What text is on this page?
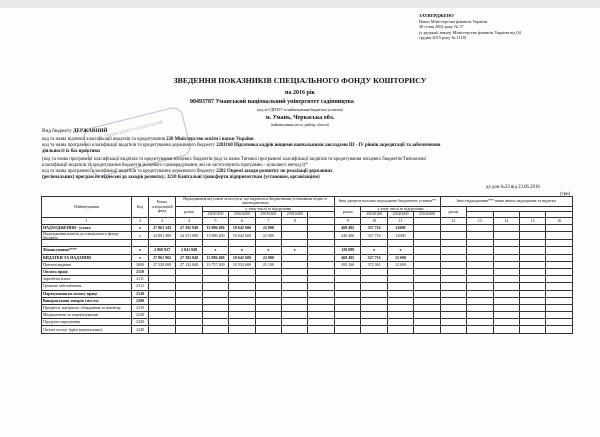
ЗАТВЕРДЖЕНО
Наказ Міністерства фінансів України
28 січня 2002 року № 57
(у редакції наказу Міністерства фінансів України від 04
грудня 2015 року № 1118)
ЗВЕДЕННЯ ПОКАЗНИКІВ СПЕЦІАЛЬНОГО ФОНДУ КОШТОРИСУ
на 2016 рік
00493787 Уманський національний університет садівництва
(код за ЄДРПОУ та найменування бюджетної установи)
м. Умань, Черкаська обл.
(найменування міста, району, області)
УМАНСЬКИЙ НАЦІОНАЛЬНИЙ
Вид бюджету ДЕРЖАВНИЙ
код та назва відомчої класифікації видатків та кредитування 220 Міністерство освіти і науки України
код та назва програмної класифікації видатків та кредитування державного бюджету 2201160 Підготовка кадрів вищими навчальними закладами ІІІ - ІV рівнів акредитації та забезпечення
діяльності їх баз практики
(код та назва програмної класифікації видатків та кредитування місцевих бюджетів (код та назва Типової програмної класифікації видатків та кредитування місцевих бюджетів/Тимчасової
класифікації видатків та кредитування бюджетів місцевого самоврядування, які не застосовують програмно - цільового методу))*
код та назва програмної класифікації видатків та кредитування державного бюджету 2282 Окремі заходи розвитку по реалізації державних
(регіональних) програм не віднесені до заходів розвитку; 3210 Капітальні трансферти підприємствам (установам, організаціям)
до дов №33 від 23.06.2016
(грн)
Найменування	Код	Разом, спеціальний фонд	Надходження від плати за послуги, що надаються бюджетними установами згідно із законодавством						Інші джерела власних надходжень бюджетних установ**				Інші надходження*** назва інших надходжень та видатки				
			разом	у тому числі за підгрупами					разом	у тому числі за підгрупами			разом				
				25010100	25010200	25010300	25010400			25020100	25020200	25020400					
1	2	3	4	5	6	7	8		9	10	11		12	13	14	15	16
НАДХОДЖЕННЯ - усього	x	27 861 343	27 392 848	13 886 400	10 642 600	22 000			468 495	327 716	12690						
Надходження коштів до спеціального фонду бюджету	x	24 891 406	24 551 000	13 886 400	10 642 600	22 000			340 406	327 716	12690						

Фінансування****	x	2 969 937	2 841 848	x	x	x	x		128 089	x	x						
ВИДАТКИ ТА НАДАННЯ	x	27 861 902	27 392 848	13 886 400	10 642 600	22 000			468 495	327 716	12 690						
Поточні видатки	2000	27 528 008	27 132 848	13 757 300	10 532 600	21 100			395 160	372 361	12 690						
Оплата праці	2110																
Заробітна плата	2111																
Грошове забезпечення	2112																
Нарахування на оплату праці	2120																
Використання товарів і послуг	2200																
Предмети, матеріали, обладнання та інвентар	2210																
Медикаменти та перев'язувальні	2220																
Продукти харчування	2230																
Оплата послуг (крім комунальних)	2240																
